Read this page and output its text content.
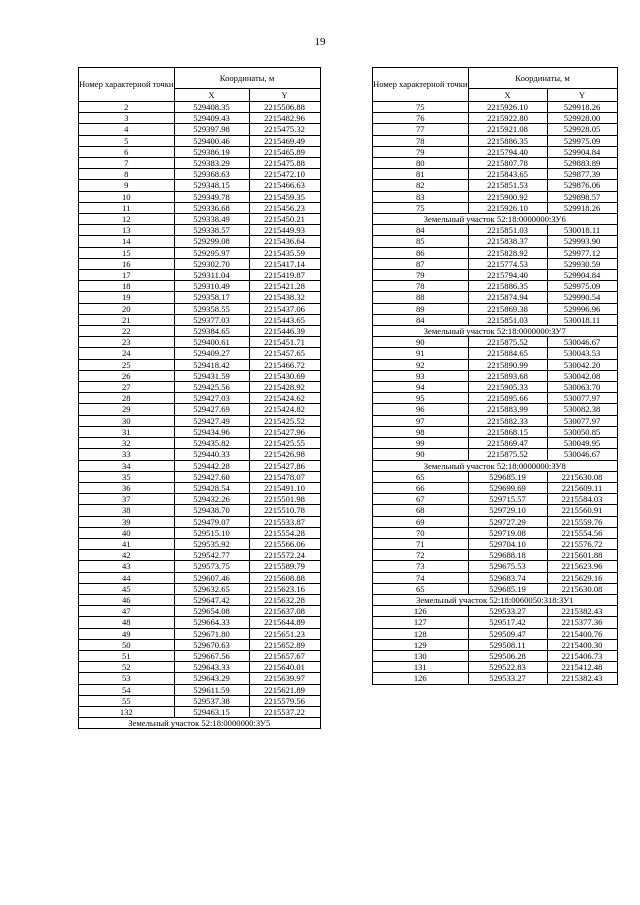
19
Номер характерной точки	Координаты, м	
	X	Y
2	529408.35	2215506.88
3	529409.43	2215482.96
4	529397.98	2215475.32
5	529400.46	2215469.49
6	529386.19	2215465.89
7	529383.29	2215475.88
8	529368.63	2215472.10
9	529348.15	2215466.63
10	529349.78	2215459.35
11	529336.68	2215456.23
12	529338.49	2215450.21
13	529338.57	2215449.93
14	529299.08	2215436.64
15	529295.97	2215435.59
16	529302.70	2215417.14
17	529311.04	2215419.87
18	529310.49	2215421.28
19	529358.17	2215438.32
20	529358.55	2215437.06
21	529377.03	2215443.65
22	529384.65	2215446.39
23	529400.61	2215451.71
24	529409.27	2215457.65
25	529418.42	2215466.72
26	529431.59	2215430.69
27	529425.56	2215428.92
28	529427.03	2215424.62
29	529427.69	2215424.82
30	529427.49	2215425.52
31	529434.96	2215427.96
32	529435.82	2215425.55
33	529440.33	2215426.98
34	529442.28	2215427.86
35	529427.60	2215478.07
36	529428.54	2215491.10
37	529432.26	2215501.98
38	529438.70	2215510.78
39	529479.07	2215533.87
40	529515.10	2215554.28
41	529535.92	2215566.06
42	529542.77	2215572.24
43	529573.75	2215589.79
44	529607.46	2215608.88
45	529632.65	2215623.16
46	529647.42	2215632.28
47	529654.08	2215637.08
48	529664.33	2215644.89
49	529671.80	2215651.23
50	529670.63	2215652.89
51	529667.56	2215657.67
52	529643.33	2215640.01
53	529643.29	2215639.97
54	529611.59	2215621.89
55	529537.38	2215579.56
132	529463.15	2215537.22
Земельный участок 52:18:0000000:ЗУ5		
Номер характерной точки	Координаты, м	
	X	Y
75	2215926.10	529918.26
76	2215922.80	529928.00
77	2215921.08	529928.05
78	2215886.35	529975.09
79	2215794.40	529904.84
80	2215807.78	529883.89
81	2215843.65	529877.39
82	2215851.53	529876.06
83	2215900.92	529898.57
75	2215926.10	529918.26
Земельный участок 52:18:0000000:ЗУ6		
84	2215851.03	530018.11
85	2215838.37	529993.90
86	2215828.92	529977.12
87	2215774.53	529930.59
79	2215794.40	529904.84
78	2215886.35	529975.09
88	2215874.94	529990.54
89	2215869.38	529996.96
84	2215851.03	530018.11
Земельный участок 52:18:0000000:ЗУ7		
90	2215875.52	530046.67
91	2215884.65	530043.53
92	2215890.99	530042.20
93	2215893.68	530042.08
94	2215905.33	530063.70
95	2215895.66	530077.97
96	2215883.99	530082.38
97	2215882.33	530077.97
98	2215868.15	530050.85
99	2215869.47	530049.95
90	2215875.52	530046.67
Земельный участок 52:18:0000000:ЗУ8		
65	529685.19	2215630.08
66	529699.69	2215609.11
67	529715.57	2215584.03
68	529729.10	2215560.91
69	529727.29	2215559.76
70	529719.08	2215554.56
71	529704.10	2215576.72
72	529688.18	2215601.88
73	529675.53	2215623.96
74	529683.74	2215629.16
65	529685.19	2215630.08
Земельный участок 52:18:0060050:318:ЗУ1		
126	529533.27	2215382.43
127	529517.42	2215377.36
128	529509.47	2215400.76
129	529508.11	2215400.30
130	529506.28	2215406.73
131	529522.83	2215412.48
126	529533.27	2215382.43
